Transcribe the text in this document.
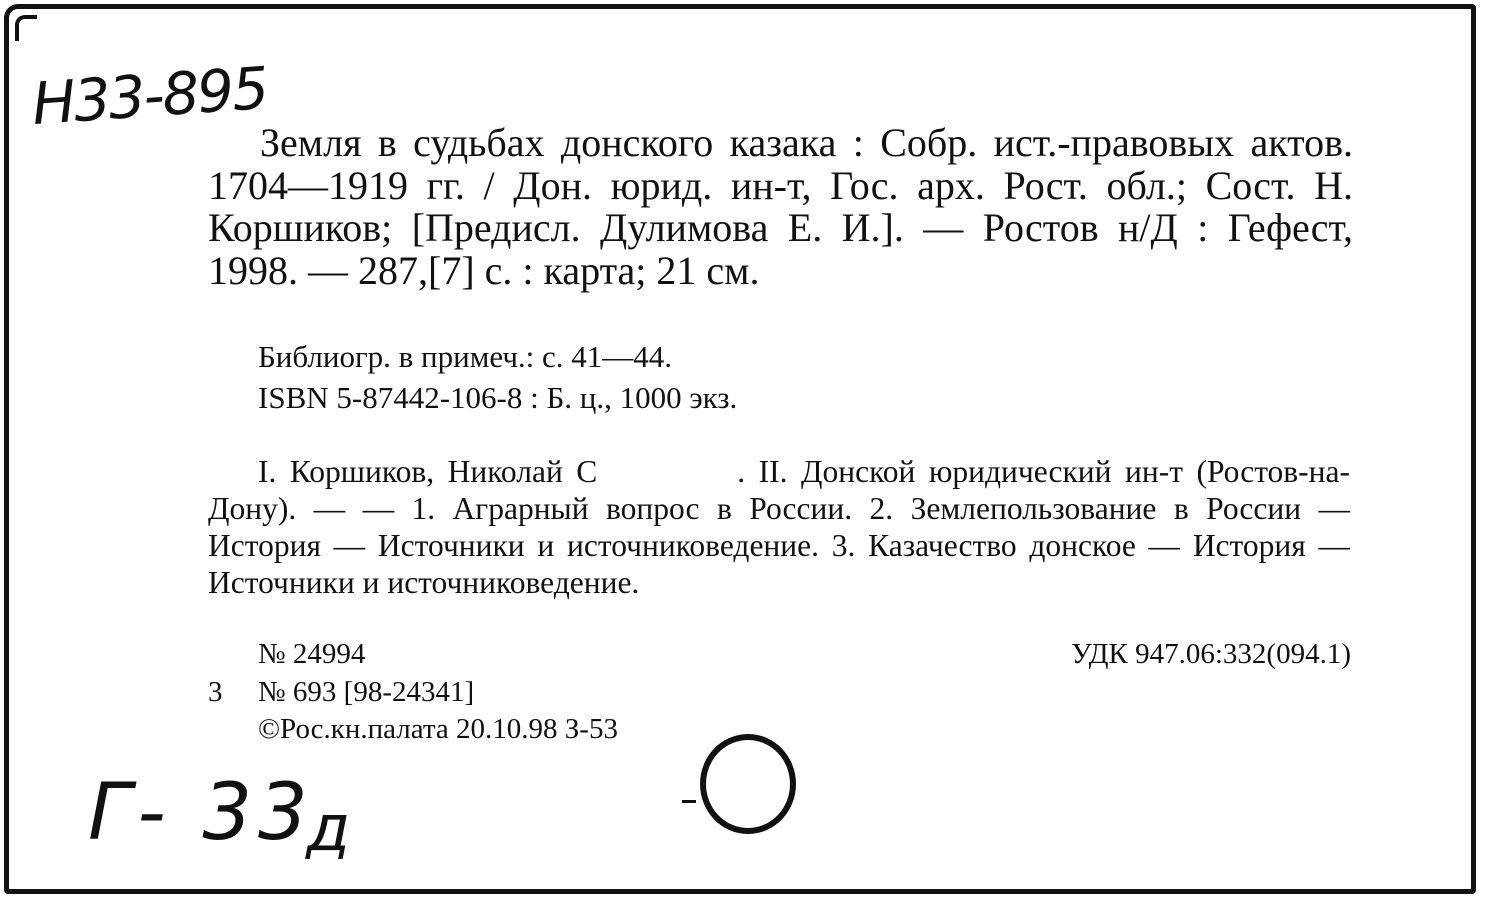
Н33-895

Земля в судьбах донского казака : Собр. ист.-правовых актов. 1704—1919 гг. / Дон. юрид. ин-т, Гос. арх. Рост. обл.; Сост. Н. Коршиков; [Предисл. Дулимова Е. И.]. — Ростов н/Д : Гефест, 1998. — 287,[7] с. : карта; 21 см.

Библиогр. в примеч.: с. 41—44.

ISBN 5-87442-106-8 : Б. ц., 1000 экз.

I. Коршиков, Николай С	. II. Донской юридический ин-т (Ростов-на-Дону). — — 1. Аграрный вопрос в России. 2. Землепользование в России — История — Источники и источниковедение. 3. Казачество донское — История — Источники и источниковедение.

№ 24994	УДК 947.06:332(094.1)
3 № 693 [98-24341]
©Рос.кн.палата 20.10.98 З-53
Г- 33
д
